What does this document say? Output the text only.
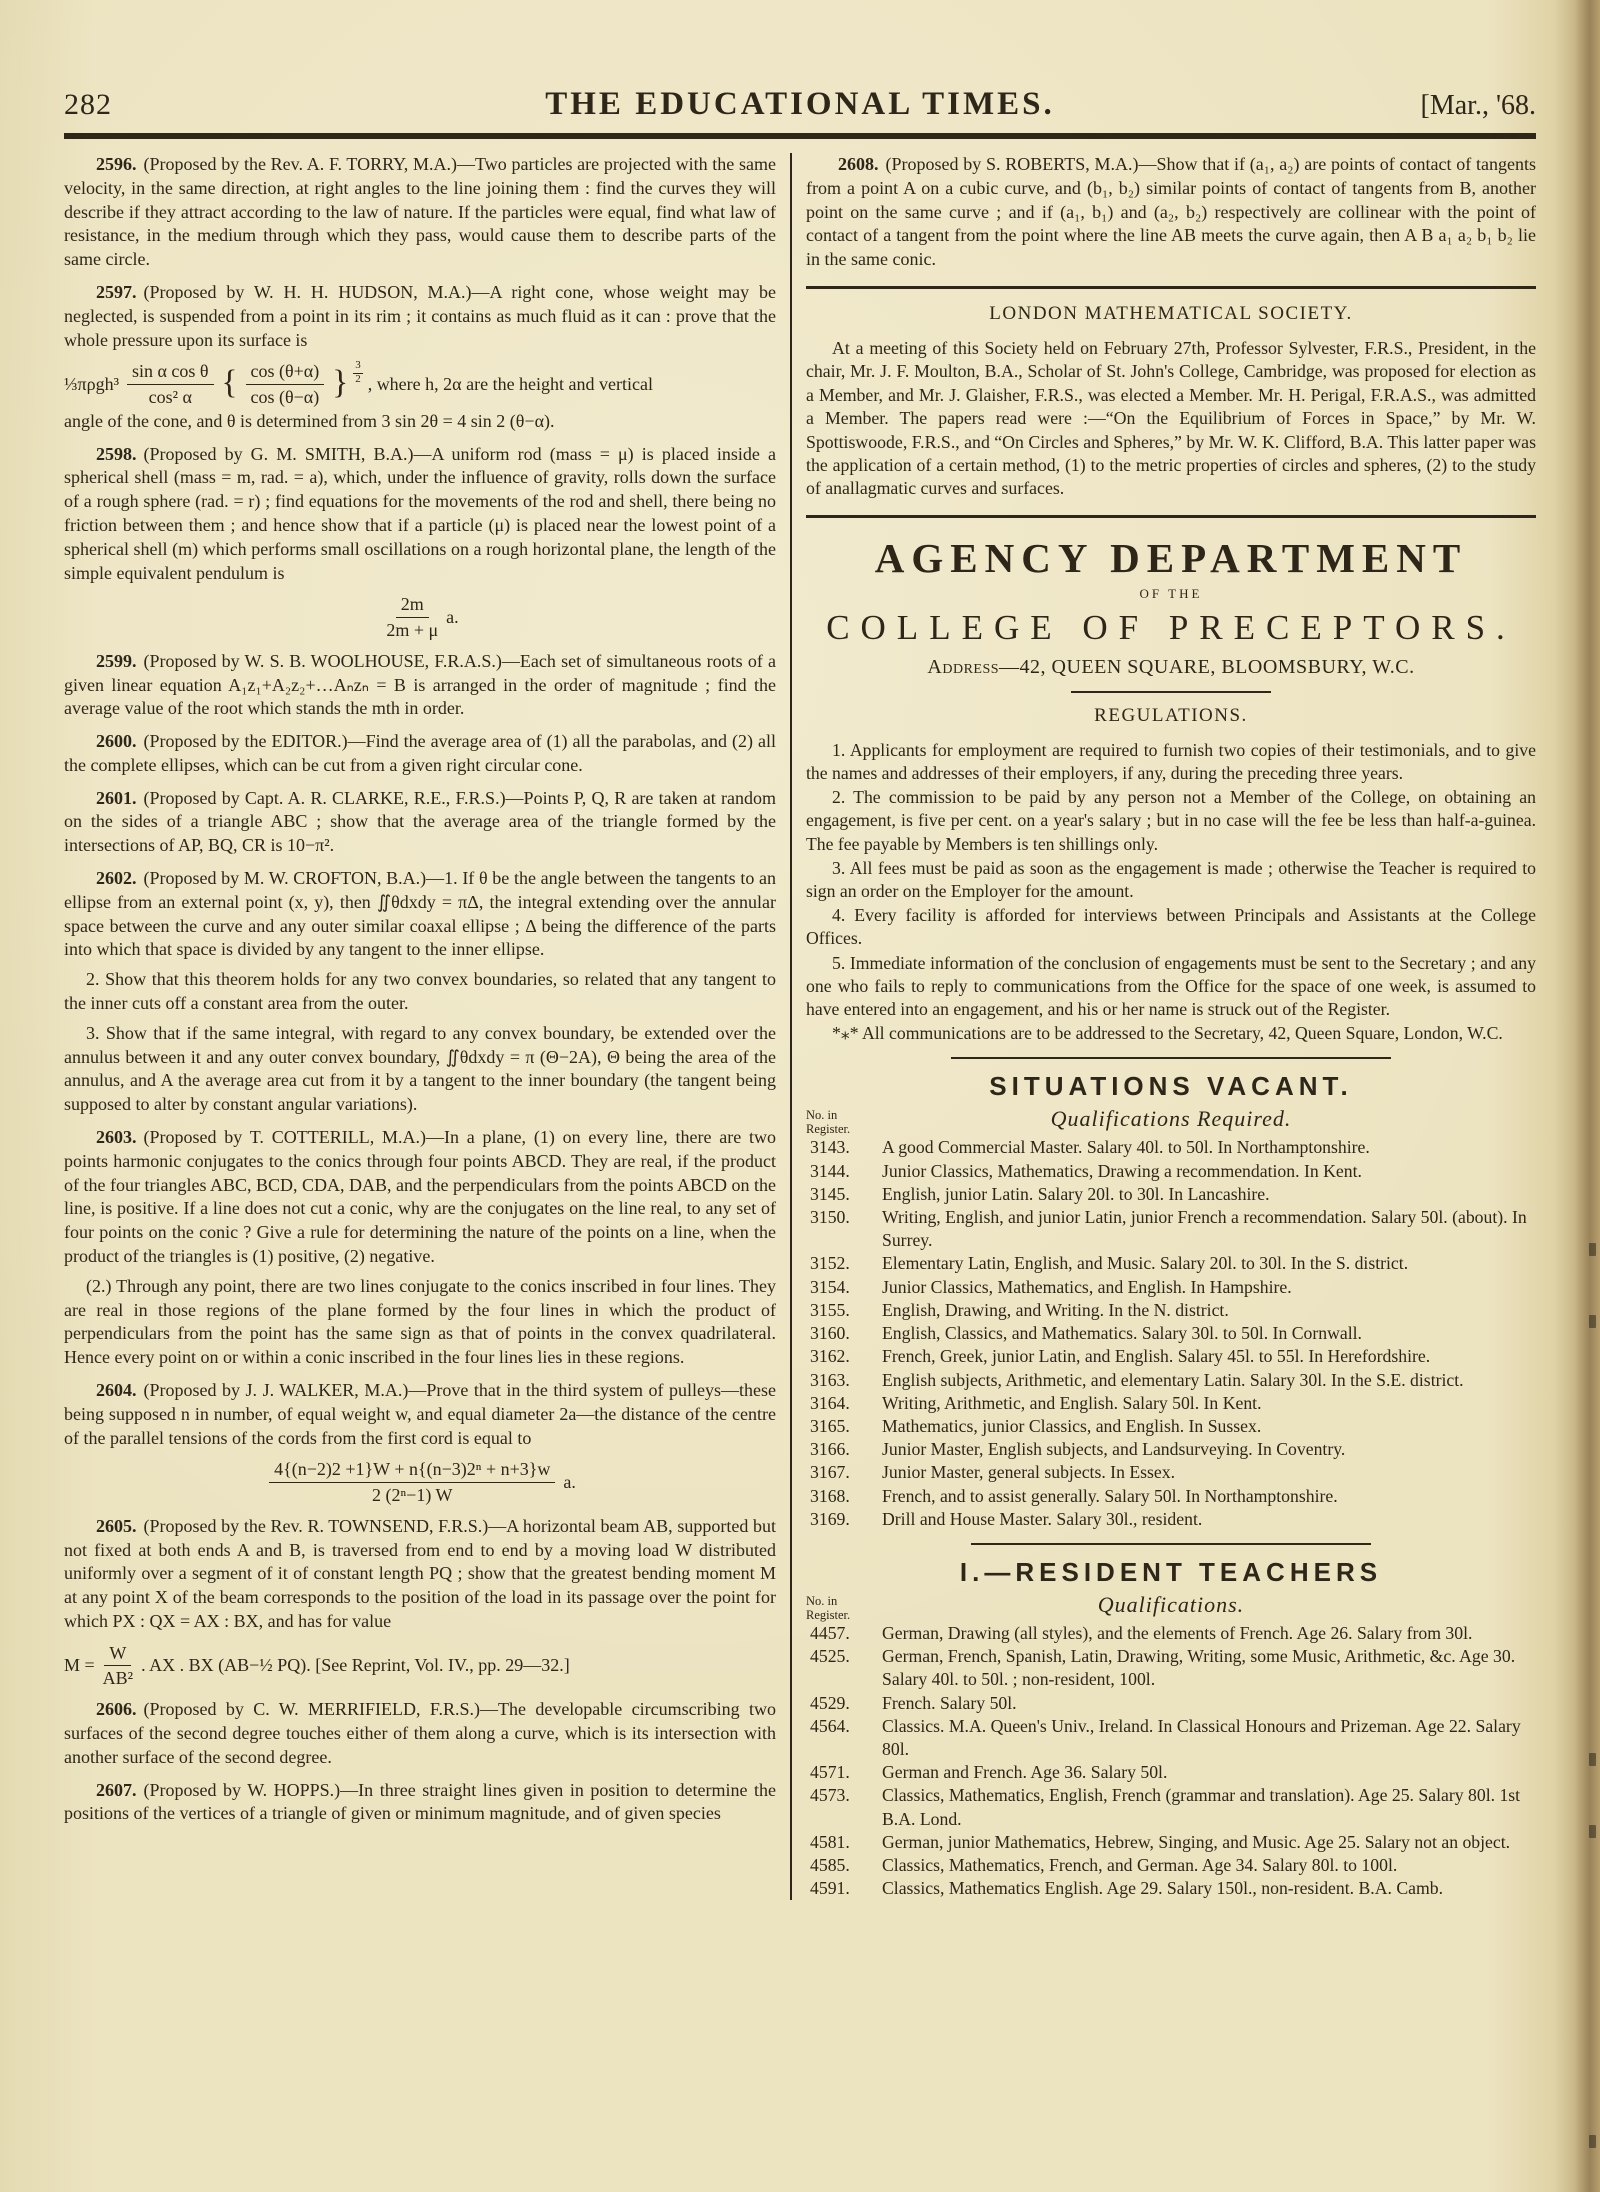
282	THE EDUCATIONAL TIMES.	[Mar., '68.
2596. (Proposed by the Rev. A. F. TORRY, M.A.)—Two particles are projected with the same velocity, in the same direction, at right angles to the line joining them : find the curves they will describe if they attract according to the law of nature. If the particles were equal, find what law of resistance, in the medium through which they pass, would cause them to describe parts of the same circle.
2597. (Proposed by W. H. H. HUDSON, M.A.)—A right cone, whose weight may be neglected, is suspended from a point in its rim ; it contains as much fluid as it can : prove that the whole pressure upon its surface is
⅓πρgh³ $\frac{\text{sin α cos θ}}{\text{cos² α}}$ { $\frac{\cos (\theta+\alpha)}{\cos (\theta-\alpha)}$ } $\frac{3}{2}$ , where h, 2α are the height and vertical
angle of the cone, and θ is determined from 3 sin 2θ = 4 sin 2 (θ−α).
2598. (Proposed by G. M. SMITH, B.A.)—A uniform rod (mass = μ) is placed inside a spherical shell (mass = m, rad. = a), which, under the influence of gravity, rolls down the surface of a rough sphere (rad. = r) ; find equations for the movements of the rod and shell, there being no friction between them ; and hence show that if a particle (μ) is placed near the lowest point of a spherical shell (m) which performs small oscillations on a rough horizontal plane, the length of the simple equivalent pendulum is
$\frac{2m}{2m + \mu} a$.
2599. (Proposed by W. S. B. WOOLHOUSE, F.R.A.S.)—Each set of simultaneous roots of a given linear equation A₁z₁+A₂z₂+…Aₙzₙ = B is arranged in the order of magnitude ; find the average value of the root which stands the mth in order.
2600. (Proposed by the EDITOR.)—Find the average area of (1) all the parabolas, and (2) all the complete ellipses, which can be cut from a given right circular cone.
2601. (Proposed by Capt. A. R. CLARKE, R.E., F.R.S.)—Points P, Q, R are taken at random on the sides of a triangle ABC ; show that the average area of the triangle formed by the intersections of AP, BQ, CR is 10−π².
2602. (Proposed by M. W. CROFTON, B.A.)—1. If θ be the angle between the tangents to an ellipse from an external point (x, y), then ∬θdxdy = πΔ, the integral extending over the annular space between the curve and any outer similar coaxal ellipse ; Δ being the difference of the parts into which that space is divided by any tangent to the inner ellipse.
2. Show that this theorem holds for any two convex boundaries, so related that any tangent to the inner cuts off a constant area from the outer.
3. Show that if the same integral, with regard to any convex boundary, be extended over the annulus between it and any outer convex boundary, ∬θdxdy = π (Θ−2A), Θ being the area of the annulus, and A the average area cut from it by a tangent to the inner boundary (the tangent being supposed to alter by constant angular variations).
2603. (Proposed by T. COTTERILL, M.A.)—In a plane, (1) on every line, there are two points harmonic conjugates to the conics through four points ABCD. They are real, if the product of the four triangles ABC, BCD, CDA, DAB, and the perpendiculars from the points ABCD on the line, is positive. If a line does not cut a conic, why are the conjugates on the line real, to any set of four points on the conic ? Give a rule for determining the nature of the points on a line, when the product of the triangles is (1) positive, (2) negative.
(2.) Through any point, there are two lines conjugate to the conics inscribed in four lines. They are real in those regions of the plane formed by the four lines in which the product of perpendiculars from the point has the same sign as that of points in the convex quadrilateral. Hence every point on or within a conic inscribed in the four lines lies in these regions.
2604. (Proposed by J. J. WALKER, M.A.)—Prove that in the third system of pulleys—these being supposed n in number, of equal weight w, and equal diameter 2a—the distance of the centre of the parallel tensions of the cords from the first cord is equal to
$\frac{\text{4\{(n−2)2 +1\}W + n\{(n−3)2ⁿ + n+3\}w}}{\text{2 (2ⁿ−1) W}} a$.
2605. (Proposed by the Rev. R. TOWNSEND, F.R.S.)—A horizontal beam AB, supported but not fixed at both ends A and B, is traversed from end to end by a moving load W distributed uniformly over a segment of it of constant length PQ ; show that the greatest bending moment M at any point X of the beam corresponds to the position of the load in its passage over the point for which PX : QX = AX : BX, and has for value
$M = \frac{W}{\text{AB²}}$ . AX . BX (AB−½ PQ). [See Reprint, Vol. IV., pp. 29—32.]
2606. (Proposed by C. W. MERRIFIELD, F.R.S.)—The developable circumscribing two surfaces of the second degree touches either of them along a curve, which is its intersection with another surface of the second degree.
2607. (Proposed by W. HOPPS.)—In three straight lines given in position to determine the positions of the vertices of a triangle of given or minimum magnitude, and of given species
2608. (Proposed by S. ROBERTS, M.A.)—Show that if (a₁, a₂) are points of contact of tangents from a point A on a cubic curve, and (b₁, b₂) similar points of contact of tangents from B, another point on the same curve ; and if (a₁, b₁) and (a₂, b₂) respectively are collinear with the point of contact of a tangent from the point where the line AB meets the curve again, then A B a₁ a₂ b₁ b₂ lie in the same conic.
LONDON MATHEMATICAL SOCIETY.
At a meeting of this Society held on February 27th, Professor Sylvester, F.R.S., President, in the chair, Mr. J. F. Moulton, B.A., Scholar of St. John's College, Cambridge, was proposed for election as a Member, and Mr. J. Glaisher, F.R.S., was elected a Member. Mr. H. Perigal, F.R.A.S., was admitted a Member. The papers read were :—“On the Equilibrium of Forces in Space,” by Mr. W. Spottiswoode, F.R.S., and “On Circles and Spheres,” by Mr. W. K. Clifford, B.A. This latter paper was the application of a certain method, (1) to the metric properties of circles and spheres, (2) to the study of anallagmatic curves and surfaces.
AGENCY DEPARTMENT
OF THE
COLLEGE OF PRECEPTORS.
Address—42, QUEEN SQUARE, BLOOMSBURY, W.C.
REGULATIONS.
1. Applicants for employment are required to furnish two copies of their testimonials, and to give the names and addresses of their employers, if any, during the preceding three years.
2. The commission to be paid by any person not a Member of the College, on obtaining an engagement, is five per cent. on a year's salary ; but in no case will the fee be less than half-a-guinea. The fee payable by Members is ten shillings only.
3. All fees must be paid as soon as the engagement is made ; otherwise the Teacher is required to sign an order on the Employer for the amount.
4. Every facility is afforded for interviews between Principals and Assistants at the College Offices.
5. Immediate information of the conclusion of engagements must be sent to the Secretary ; and any one who fails to reply to communications from the Office for the space of one week, is assumed to have entered into an engagement, and his or her name is struck out of the Register.
*⁎* All communications are to be addressed to the Secretary, 42, Queen Square, London, W.C.
SITUATIONS VACANT.
No. in
Register.	Qualifications Required.
3143. A good Commercial Master. Salary 40l. to 50l. In Northamptonshire.
3144. Junior Classics, Mathematics, Drawing a recommendation. In Kent.
3145. English, junior Latin. Salary 20l. to 30l. In Lancashire.
3150. Writing, English, and junior Latin, junior French a recommendation. Salary 50l. (about). In Surrey.
3152. Elementary Latin, English, and Music. Salary 20l. to 30l. In the S. district.
3154. Junior Classics, Mathematics, and English. In Hampshire.
3155. English, Drawing, and Writing. In the N. district.
3160. English, Classics, and Mathematics. Salary 30l. to 50l. In Cornwall.
3162. French, Greek, junior Latin, and English. Salary 45l. to 55l. In Herefordshire.
3163. English subjects, Arithmetic, and elementary Latin. Salary 30l. In the S.E. district.
3164. Writing, Arithmetic, and English. Salary 50l. In Kent.
3165. Mathematics, junior Classics, and English. In Sussex.
3166. Junior Master, English subjects, and Landsurveying. In Coventry.
3167. Junior Master, general subjects. In Essex.
3168. French, and to assist generally. Salary 50l. In Northamptonshire.
3169. Drill and House Master. Salary 30l., resident.
I.—RESIDENT TEACHERS
No. in
Register.	Qualifications.
4457. German, Drawing (all styles), and the elements of French. Age 26. Salary from 30l.
4525. German, French, Spanish, Latin, Drawing, Writing, some Music, Arithmetic, &c. Age 30. Salary 40l. to 50l. ; non-resident, 100l.
4529. French. Salary 50l.
4564. Classics. M.A. Queen's Univ., Ireland. In Classical Honours and Prizeman. Age 22. Salary 80l.
4571. German and French. Age 36. Salary 50l.
4573. Classics, Mathematics, English, French (grammar and translation). Age 25. Salary 80l. 1st B.A. Lond.
4581. German, junior Mathematics, Hebrew, Singing, and Music. Age 25. Salary not an object.
4585. Classics, Mathematics, French, and German. Age 34. Salary 80l. to 100l.
4591. Classics, Mathematics English. Age 29. Salary 150l., non-resident. B.A. Camb.
